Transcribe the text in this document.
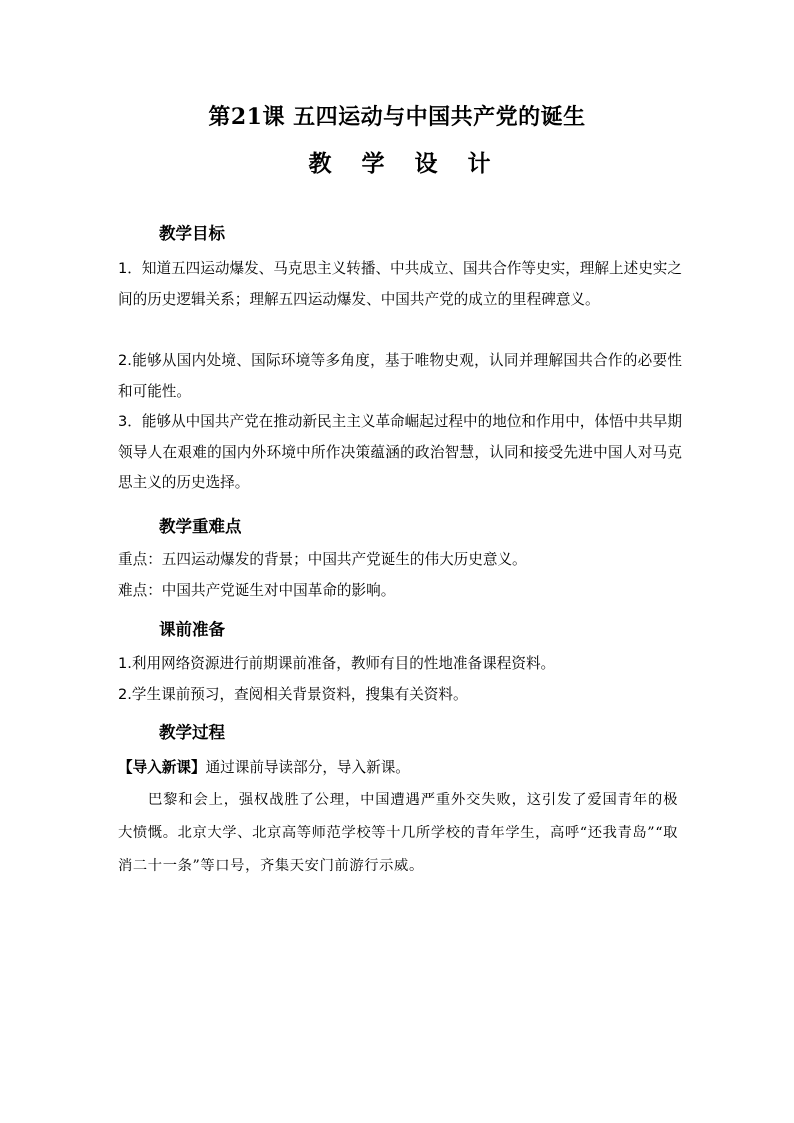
第21课 五四运动与中国共产党的诞生
教 学 设 计
教学目标

1．知道五四运动爆发、马克思主义转播、中共成立、国共合作等史实，理解上述史实之间的历史逻辑关系；理解五四运动爆发、中国共产党的成立的里程碑意义。

2.能够从国内处境、国际环境等多角度，基于唯物史观，认同并理解国共合作的必要性和可能性。

3．能够从中国共产党在推动新民主主义革命崛起过程中的地位和作用中，体悟中共早期领导人在艰难的国内外环境中所作决策蕴涵的政治智慧，认同和接受先进中国人对马克思主义的历史选择。

教学重难点

重点：五四运动爆发的背景；中国共产党诞生的伟大历史意义。

难点：中国共产党诞生对中国革命的影响。

课前准备

1.利用网络资源进行前期课前准备，教师有目的性地准备课程资料。

2.学生课前预习，查阅相关背景资料，搜集有关资料。

教学过程

【导入新课】通过课前导读部分，导入新课。

巴黎和会上，强权战胜了公理，中国遭遇严重外交失败，这引发了爱国青年的极大愤慨。北京大学、北京高等师范学校等十几所学校的青年学生，高呼“还我青岛”“取消二十一条”等口号，齐集天安门前游行示威。
